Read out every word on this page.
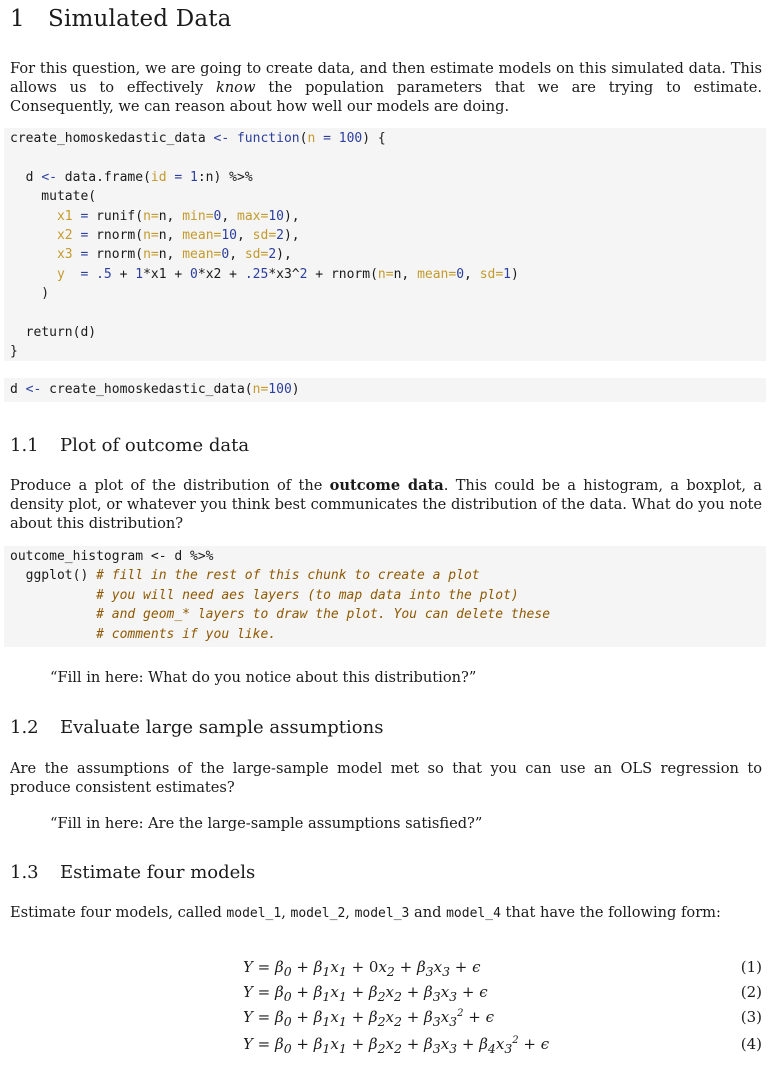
1 Simulated Data

For this question, we are going to create data, and then estimate models on this simulated data. This allows us to effectively know the population parameters that we are trying to estimate. Consequently, we can reason about how well our models are doing.

create_homoskedastic_data <- function(n = 100) {

d <- data.frame(id = 1:n) %>%
mutate(
x1 = runif(n=n, min=0, max=10),
x2 = rnorm(n=n, mean=10, sd=2),
x3 = rnorm(n=n, mean=0, sd=2),
y  = .5 + 1*x1 + 0*x2 + .25*x3^2 + rnorm(n=n, mean=0, sd=1)
)

return(d)
}
d <- create_homoskedastic_data(n=100)
1.1 Plot of outcome data

Produce a plot of the distribution of the outcome data. This could be a histogram, a boxplot, a density plot, or whatever you think best communicates the distribution of the data. What do you note about this distribution?

outcome_histogram <- d %>%
ggplot() # fill in the rest of this chunk to create a plot
# you will need aes layers (to map data into the plot)
# and geom_* layers to draw the plot. You can delete these
# comments if you like.

“Fill in here: What do you notice about this distribution?”

1.2 Evaluate large sample assumptions

Are the assumptions of the large-sample model met so that you can use an OLS regression to produce consistent estimates?

“Fill in here: Are the large-sample assumptions satisfied?”

1.3 Estimate four models

Estimate four models, called model_1, model_2, model_3 and model_4 that have the following form:

$Y = \beta_0 + \beta_1x_1 + 0x_2 + \beta_3x_3 + \epsilon$	(1)
$Y = \beta_0 + \beta_1x_1 + \beta_2x_2 + \beta_3x_3 + \epsilon$	(2)
$Y = \beta_0 + \beta_1x_1 + \beta_2x_2 + \beta_3x_3^2 + \epsilon$	(3)
$Y = \beta_0 + \beta_1x_1 + \beta_2x_2 + \beta_3x_3 + \beta_4x_3^2 + \epsilon$	(4)
